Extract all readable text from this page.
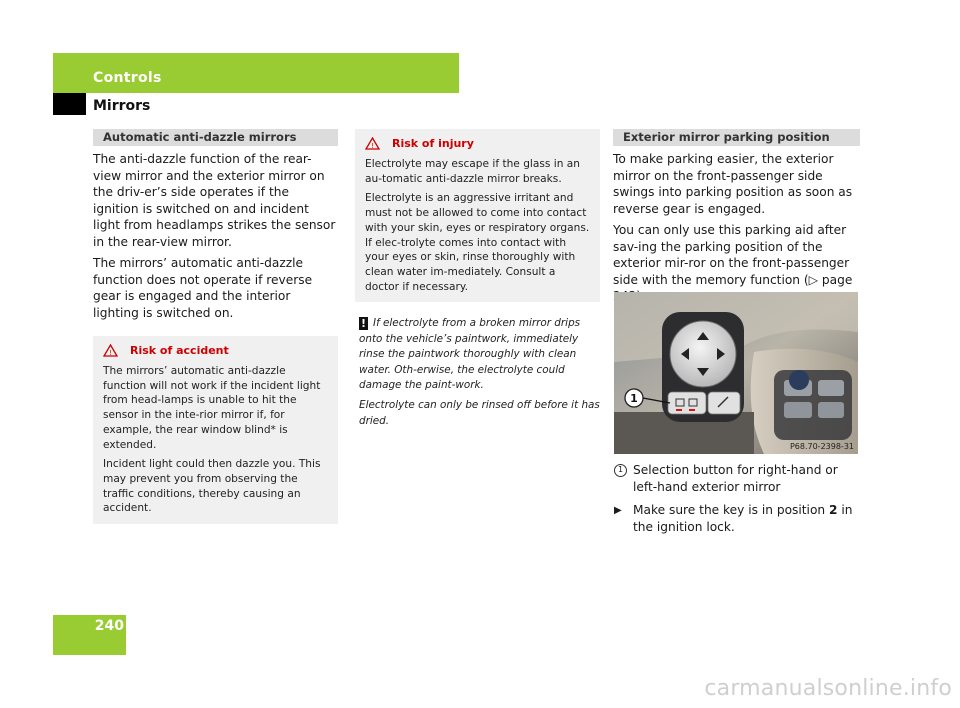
Controls
Mirrors
Automatic anti-dazzle mirrors

The anti-dazzle function of the rear-view mirror and the exterior mirror on the driv-er’s side operates if the ignition is switched on and incident light from headlamps strikes the sensor in the rear-view mirror.

The mirrors’ automatic anti-dazzle function does not operate if reverse gear is engaged and the interior lighting is switched on.

! Risk of accident

The mirrors’ automatic anti-dazzle function will not work if the incident light from head-lamps is unable to hit the sensor in the inte-rior mirror if, for example, the rear window blind* is extended.

Incident light could then dazzle you. This may prevent you from observing the traffic conditions, thereby causing an accident.

! Risk of injury

Electrolyte may escape if the glass in an au-tomatic anti-dazzle mirror breaks.

Electrolyte is an aggressive irritant and must not be allowed to come into contact with your skin, eyes or respiratory organs. If elec-trolyte comes into contact with your eyes or skin, rinse thoroughly with clean water im-mediately. Consult a doctor if necessary.

! If electrolyte from a broken mirror drips onto the vehicle’s paintwork, immediately rinse the paintwork thoroughly with clean water. Oth-erwise, the electrolyte could damage the paint-work.

Electrolyte can only be rinsed off before it has dried.

Exterior mirror parking position

To make parking easier, the exterior mirror on the front-passenger side swings into parking position as soon as reverse gear is engaged.

You can only use this parking aid after sav-ing the parking position of the exterior mir-ror on the front-passenger side with the memory function (▷ page

1
P68.70-2398-31
1 Selection button for right-hand or left-hand exterior mirror
▶ Make sure the key is in position 2 in the ignition lock.
240
carmanualsonline.info
